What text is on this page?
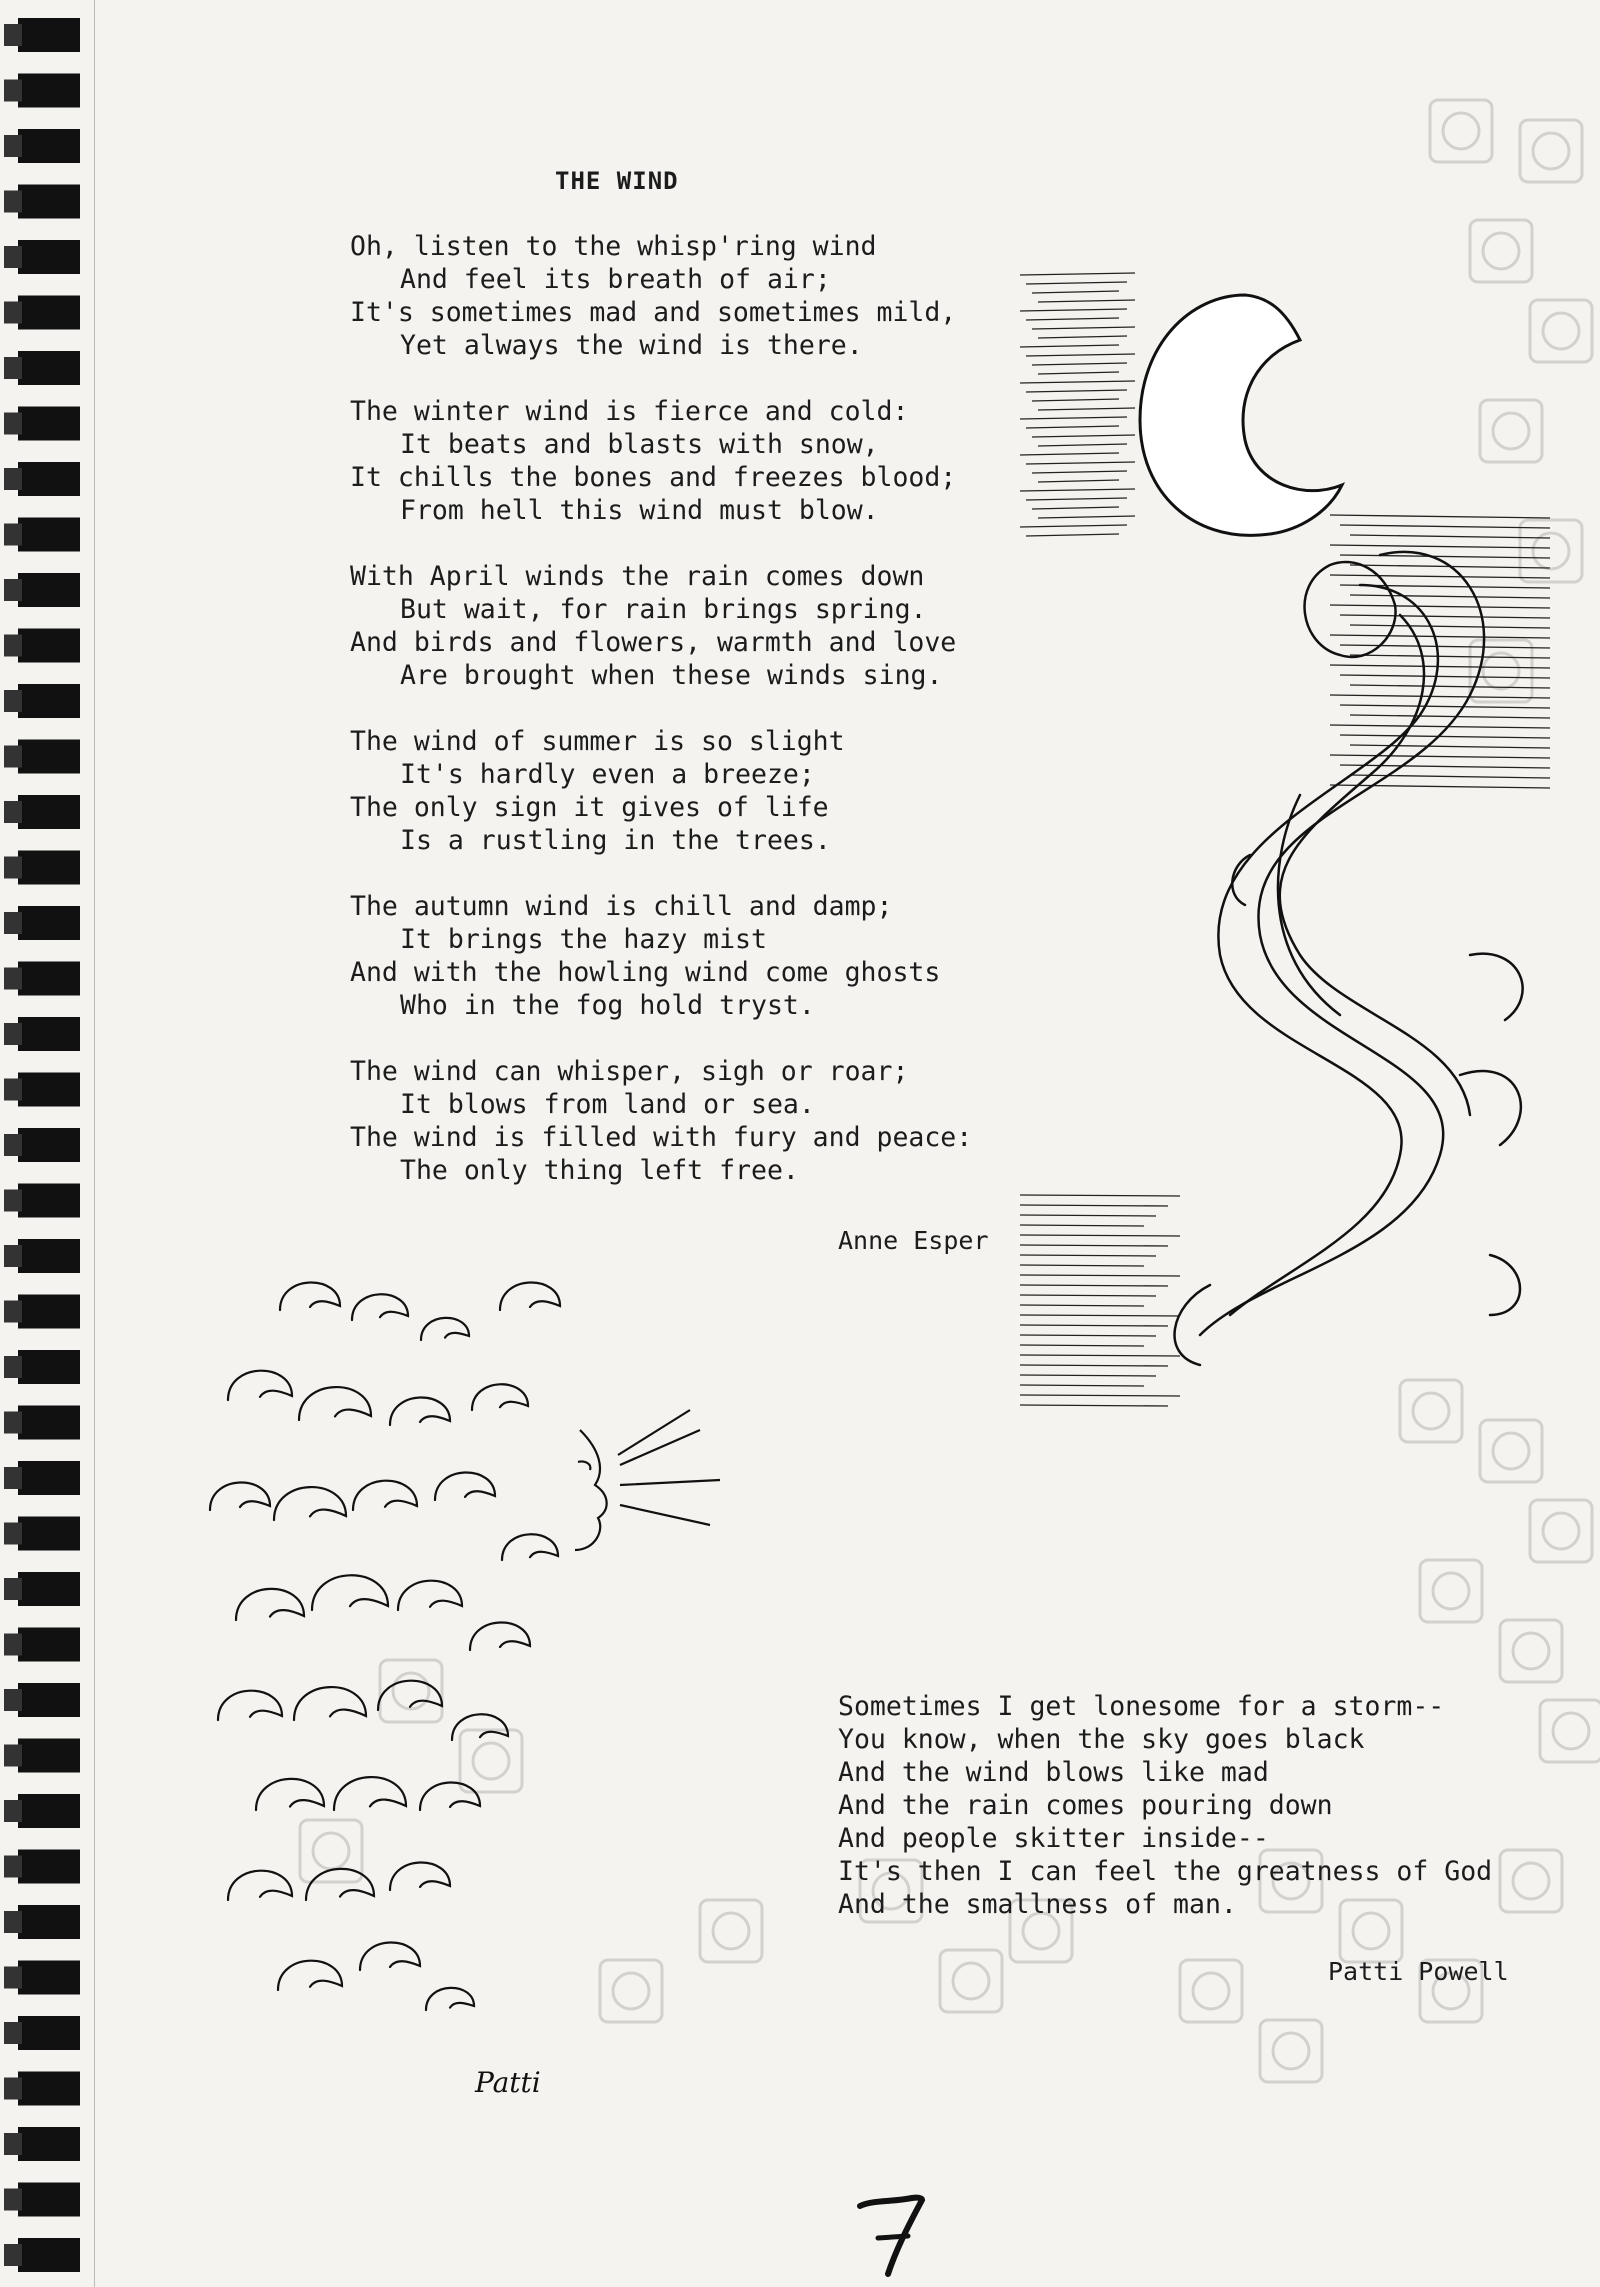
THE WIND
Oh, listen to the whisp'ring wind
And feel its breath of air;
It's sometimes mad and sometimes mild,
Yet always the wind is there.
The winter wind is fierce and cold:
It beats and blasts with snow,
It chills the bones and freezes blood;
From hell this wind must blow.
With April winds the rain comes down
But wait, for rain brings spring.
And birds and flowers, warmth and love
Are brought when these winds sing.
The wind of summer is so slight
It's hardly even a breeze;
The only sign it gives of life
Is a rustling in the trees.
The autumn wind is chill and damp;
It brings the hazy mist
And with the howling wind come ghosts
Who in the fog hold tryst.
The wind can whisper, sigh or roar;
It blows from land or sea.
The wind is filled with fury and peace:
The only thing left free.

Anne Esper

Patti
Sometimes I get lonesome for a storm--
You know, when the sky goes black
And the wind blows like mad
And the rain comes pouring down
And people skitter inside--
It's then I can feel the greatness of God
And the smallness of man.

Patti Powell

7
